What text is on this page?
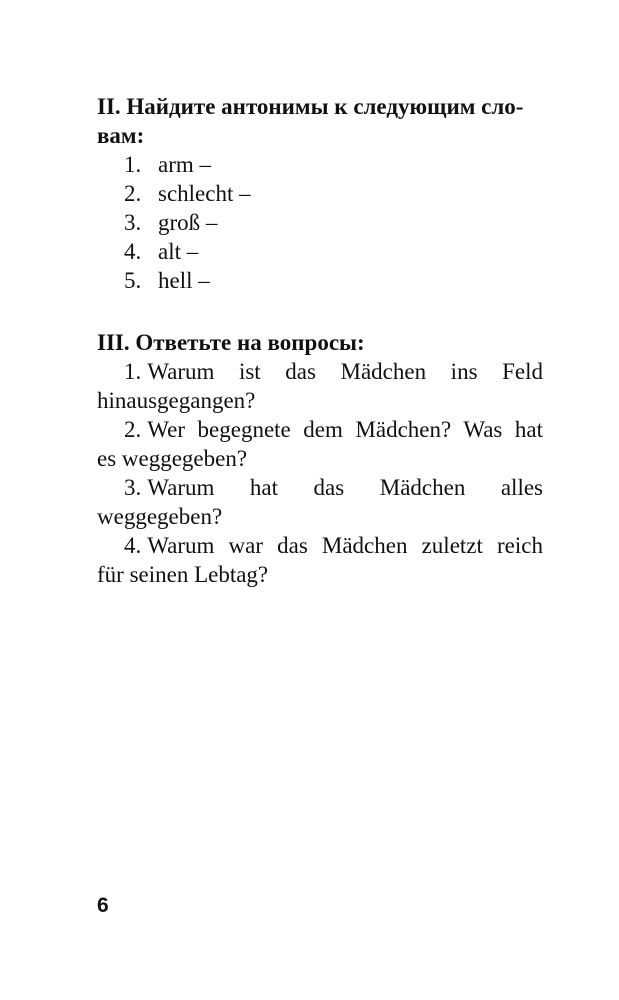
II. Найдите антонимы к следующим сло-
вам:

1. arm –
2. schlecht –
3. groß –
4. alt –
5. hell –

III. Ответьте на вопросы:

1. Warum ist das Mädchen ins Feld
hinausgegangen?
2. Wer begegnete dem Mädchen? Was hat
es weggegeben?
3. Warum hat das Mädchen alles
weggegeben?
4. Warum war das Mädchen zuletzt reich
für seinen Lebtag?
6
